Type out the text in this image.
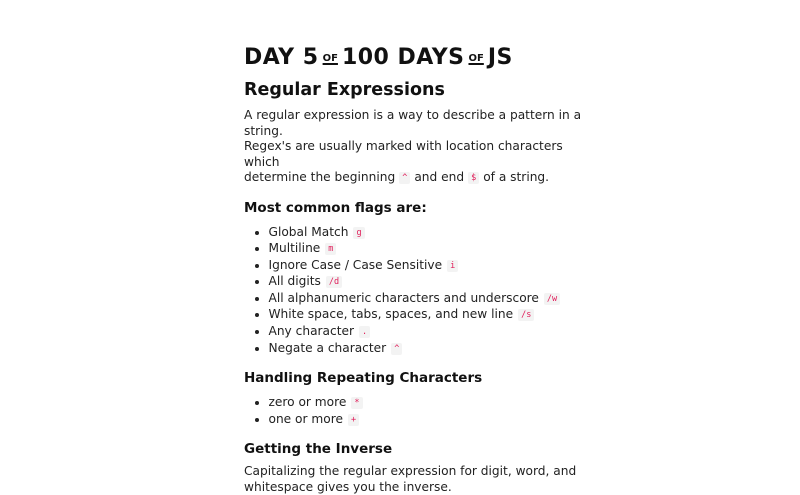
DAY 5 OF 100 DAYS OF JS
Regular Expressions

A regular expression is a way to describe a pattern in a string.
Regex's are usually marked with location characters which
determine the beginning ^ and end $ of a string.

Most common flags are:
• Global Match g
• Multiline m
• Ignore Case / Case Sensitive i
• All digits /d
• All alphanumeric characters and underscore /w
• White space, tabs, spaces, and new line /s
• Any character .
• Negate a character ^
Handling Repeating Characters
• zero or more *
• one or more +
Getting the Inverse

Capitalizing the regular expression for digit, word, and
whitespace gives you the inverse.
